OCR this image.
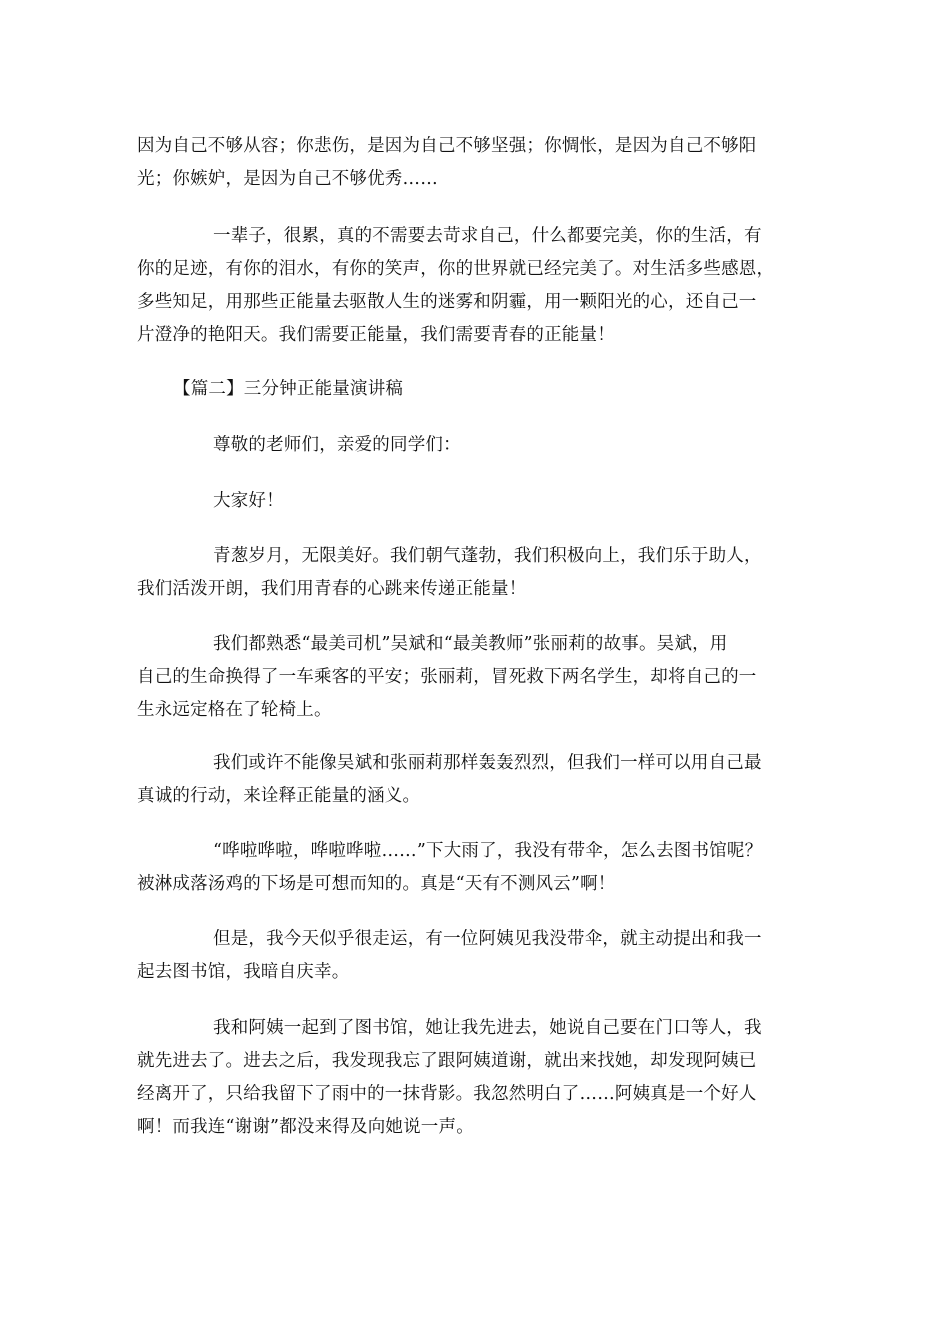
因为自己不够从容；你悲伤，是因为自己不够坚强；你惆怅，是因为自己不够阳
光；你嫉妒，是因为自己不够优秀……

一辈子，很累，真的不需要去苛求自己，什么都要完美，你的生活，有
你的足迹，有你的泪水，有你的笑声，你的世界就已经完美了。对生活多些感恩，
多些知足，用那些正能量去驱散人生的迷雾和阴霾，用一颗阳光的心，还自己一
片澄净的艳阳天。我们需要正能量，我们需要青春的正能量！

【篇二】三分钟正能量演讲稿

尊敬的老师们，亲爱的同学们：

大家好！

青葱岁月，无限美好。我们朝气蓬勃，我们积极向上，我们乐于助人，
我们活泼开朗，我们用青春的心跳来传递正能量！

我们都熟悉“最美司机”吴斌和“最美教师”张丽莉的故事。吴斌，用
自己的生命换得了一车乘客的平安；张丽莉，冒死救下两名学生，却将自己的一
生永远定格在了轮椅上。

我们或许不能像吴斌和张丽莉那样轰轰烈烈，但我们一样可以用自己最
真诚的行动，来诠释正能量的涵义。

“哗啦哗啦，哗啦哗啦……”下大雨了，我没有带伞，怎么去图书馆呢？
被淋成落汤鸡的下场是可想而知的。真是“天有不测风云”啊！

但是，我今天似乎很走运，有一位阿姨见我没带伞，就主动提出和我一
起去图书馆，我暗自庆幸。

我和阿姨一起到了图书馆，她让我先进去，她说自己要在门口等人，我
就先进去了。进去之后，我发现我忘了跟阿姨道谢，就出来找她，却发现阿姨已
经离开了，只给我留下了雨中的一抹背影。我忽然明白了……阿姨真是一个好人
啊！而我连“谢谢”都没来得及向她说一声。
